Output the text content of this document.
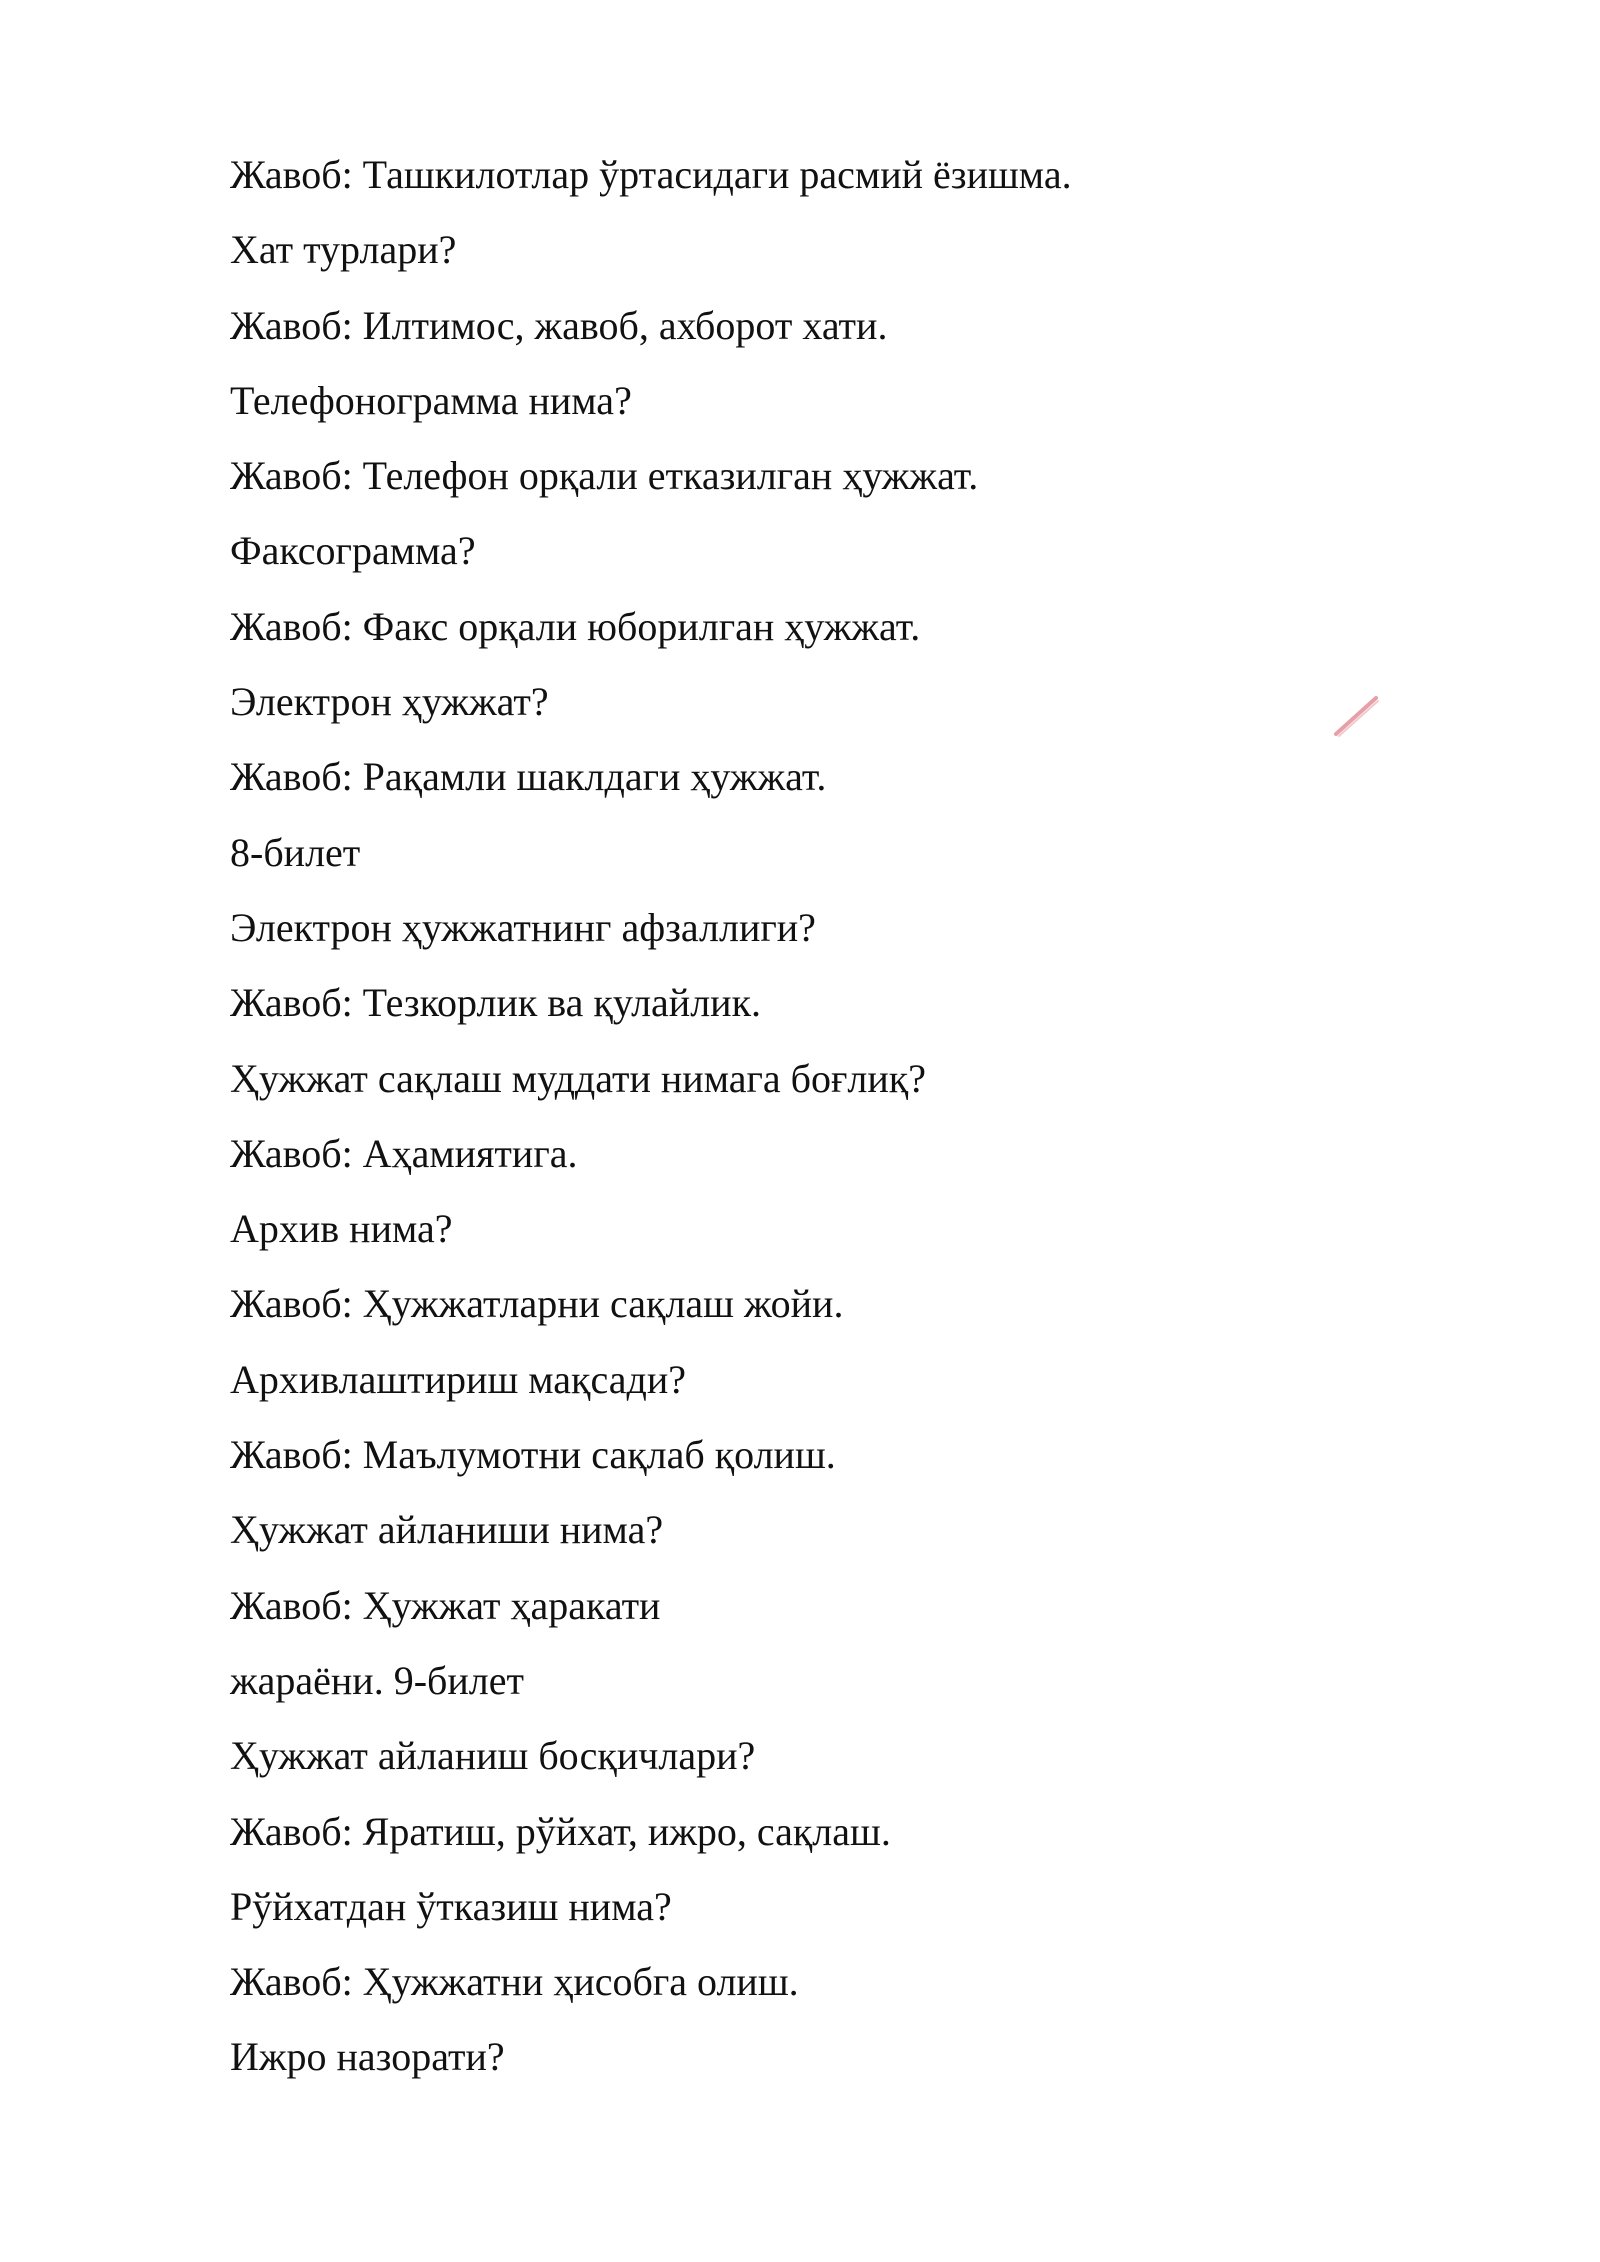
Жавоб: Ташкилотлар ўртасидаги расмий ёзишма.
Хат турлари?
Жавоб: Илтимос, жавоб, ахборот хати.
Телефонограмма нима?
Жавоб: Телефон орқали етказилган ҳужжат.
Факсограмма?
Жавоб: Факс орқали юборилган ҳужжат.
Электрон ҳужжат?
Жавоб: Рақамли шаклдаги ҳужжат.
8-билет
Электрон ҳужжатнинг афзаллиги?
Жавоб: Тезкорлик ва қулайлик.
Ҳужжат сақлаш муддати нимага боғлиқ?
Жавоб: Аҳамиятига.
Архив нима?
Жавоб: Ҳужжатларни сақлаш жойи.
Архивлаштириш мақсади?
Жавоб: Маълумотни сақлаб қолиш.
Ҳужжат айланиши нима?
Жавоб: Ҳужжат ҳаракати
жараёни. 9-билет
Ҳужжат айланиш босқичлари?
Жавоб: Яратиш, рўйхат, ижро, сақлаш.
Рўйхатдан ўтказиш нима?
Жавоб: Ҳужжатни ҳисобга олиш.
Ижро назорати?
